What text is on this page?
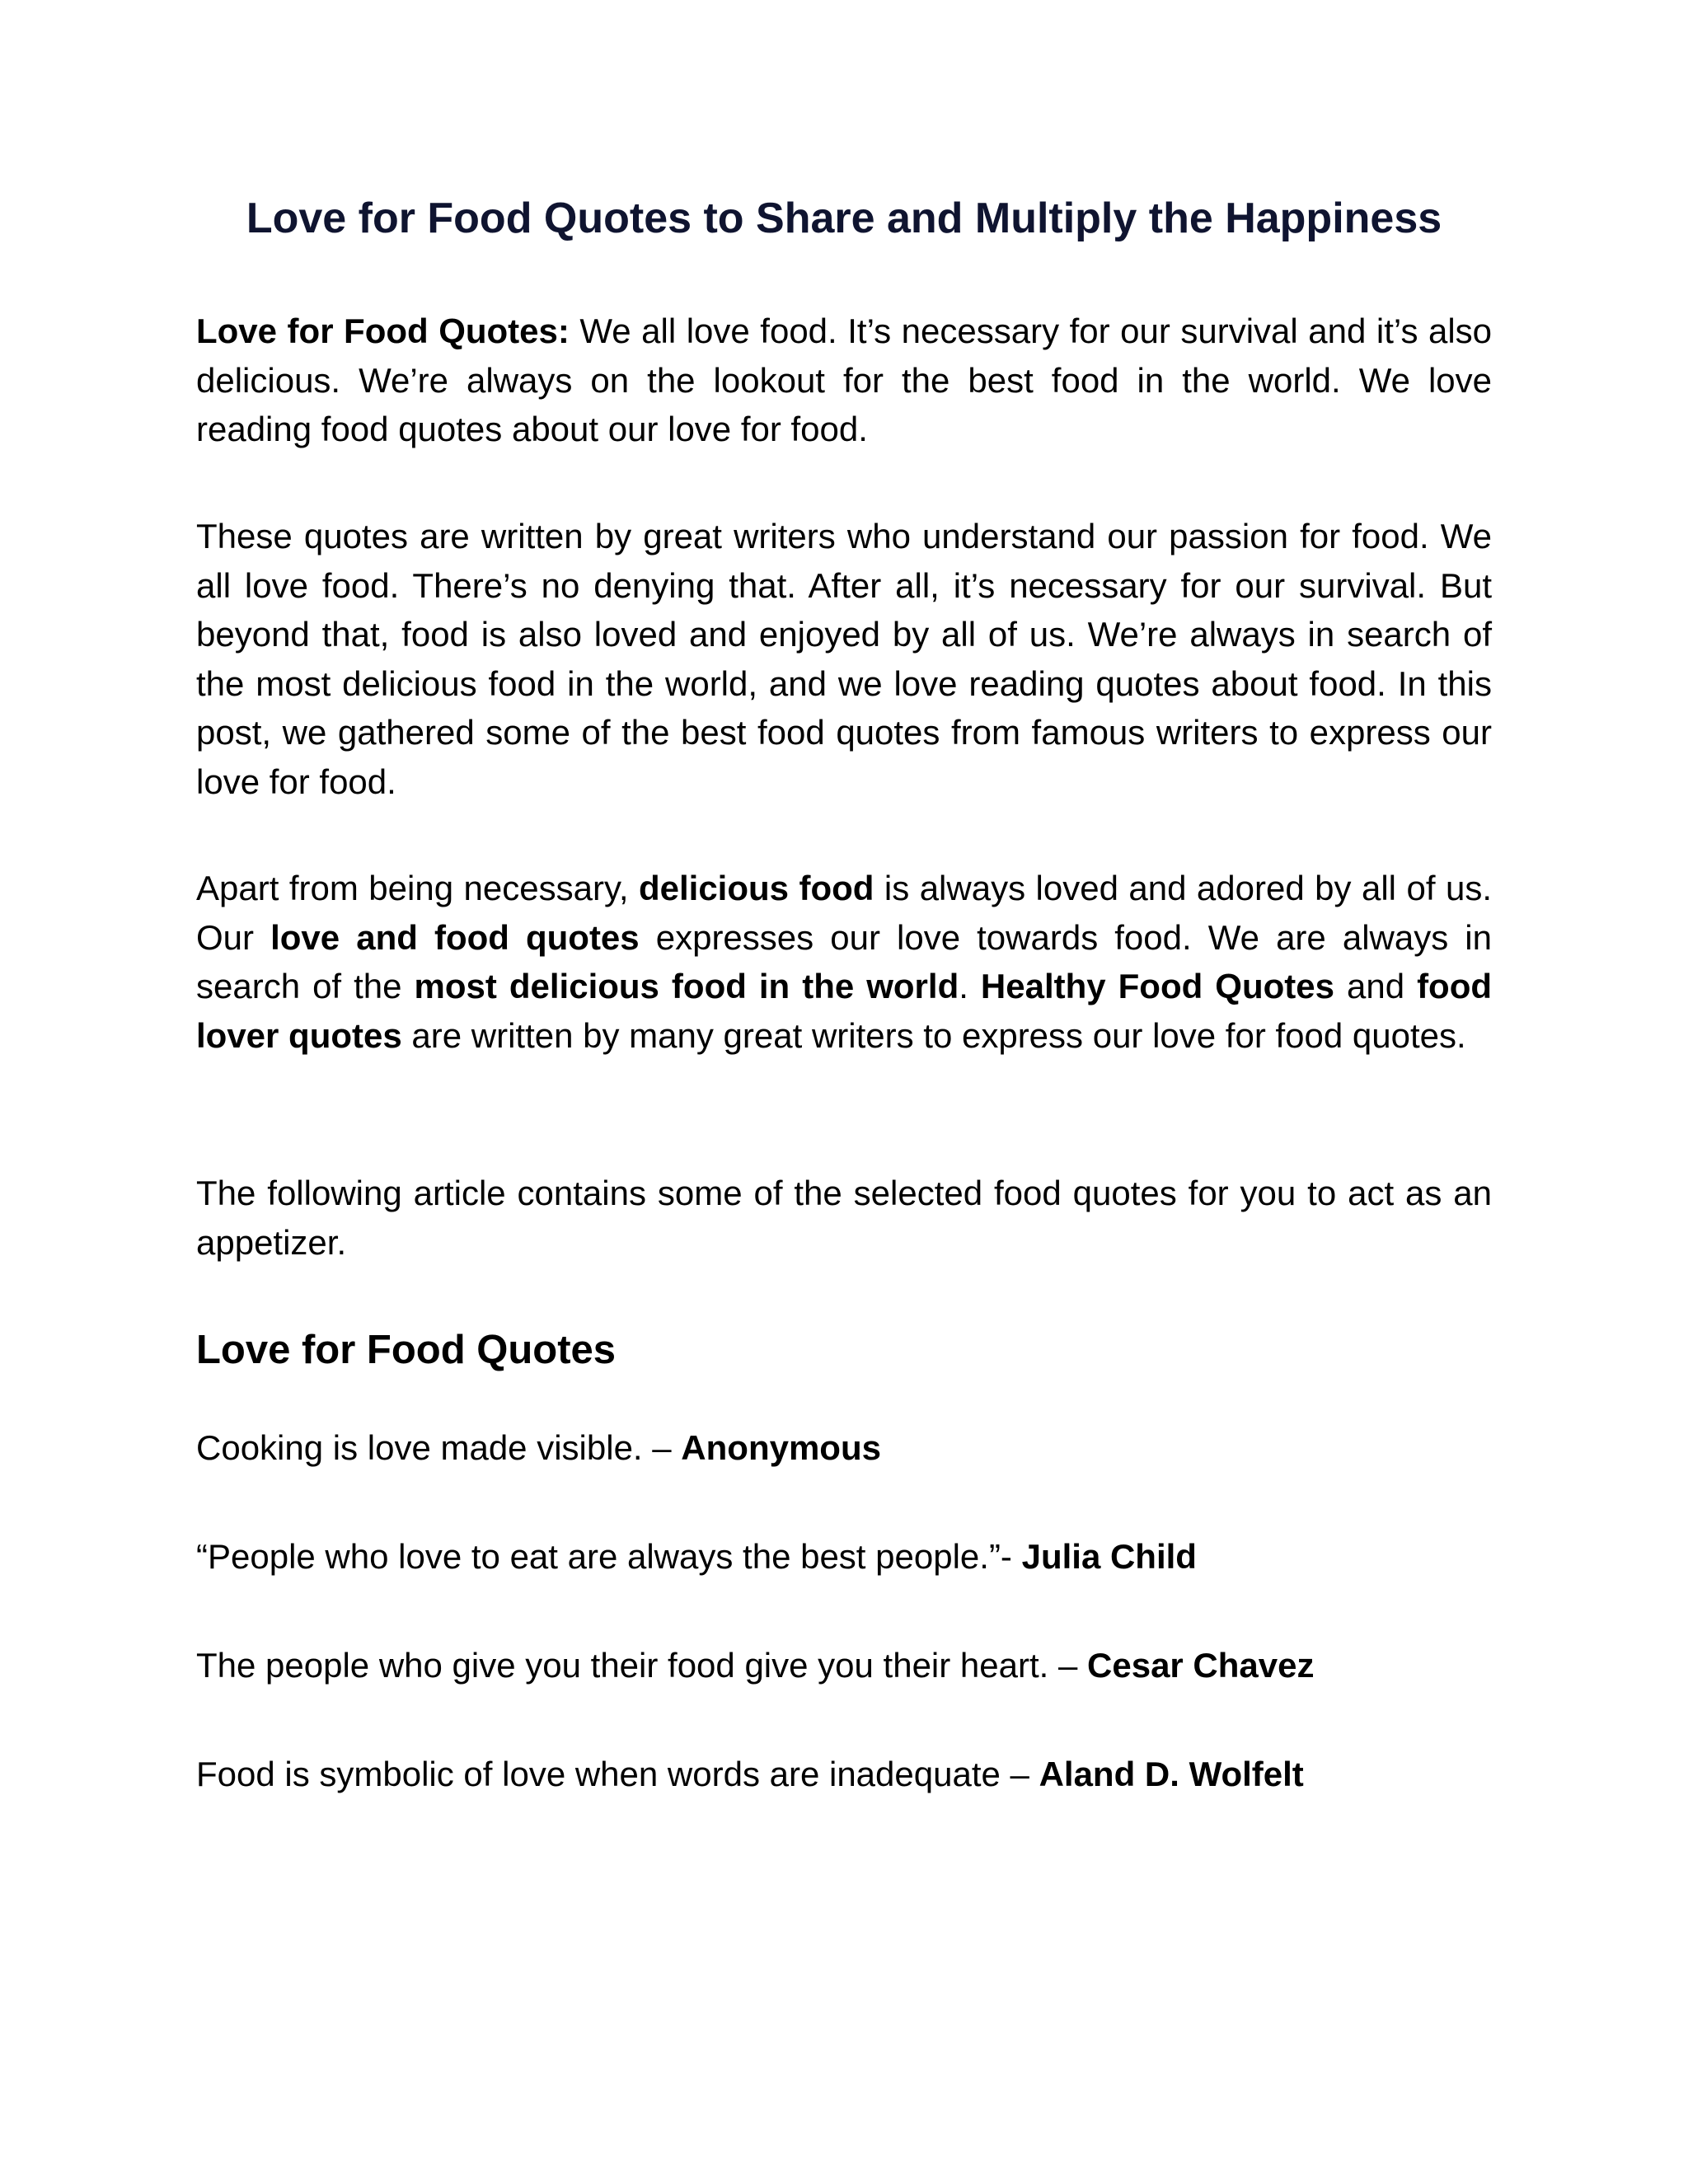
Love for Food Quotes to Share and Multiply the Happiness

Love for Food Quotes: We all love food. It’s necessary for our survival and it’s also delicious. We’re always on the lookout for the best food in the world. We love reading food quotes about our love for food.

These quotes are written by great writers who understand our passion for food. We all love food. There’s no denying that. After all, it’s necessary for our survival. But beyond that, food is also loved and enjoyed by all of us. We’re always in search of the most delicious food in the world, and we love reading quotes about food. In this post, we gathered some of the best food quotes from famous writers to express our love for food.

Apart from being necessary, delicious food is always loved and adored by all of us. Our love and food quotes expresses our love towards food. We are always in search of the most delicious food in the world. Healthy Food Quotes and food lover quotes are written by many great writers to express our love for food quotes.

The following article contains some of the selected food quotes for you to act as an appetizer.

Love for Food Quotes

Cooking is love made visible. – Anonymous

“People who love to eat are always the best people.”- Julia Child

The people who give you their food give you their heart. – Cesar Chavez

Food is symbolic of love when words are inadequate – Aland D. Wolfelt
